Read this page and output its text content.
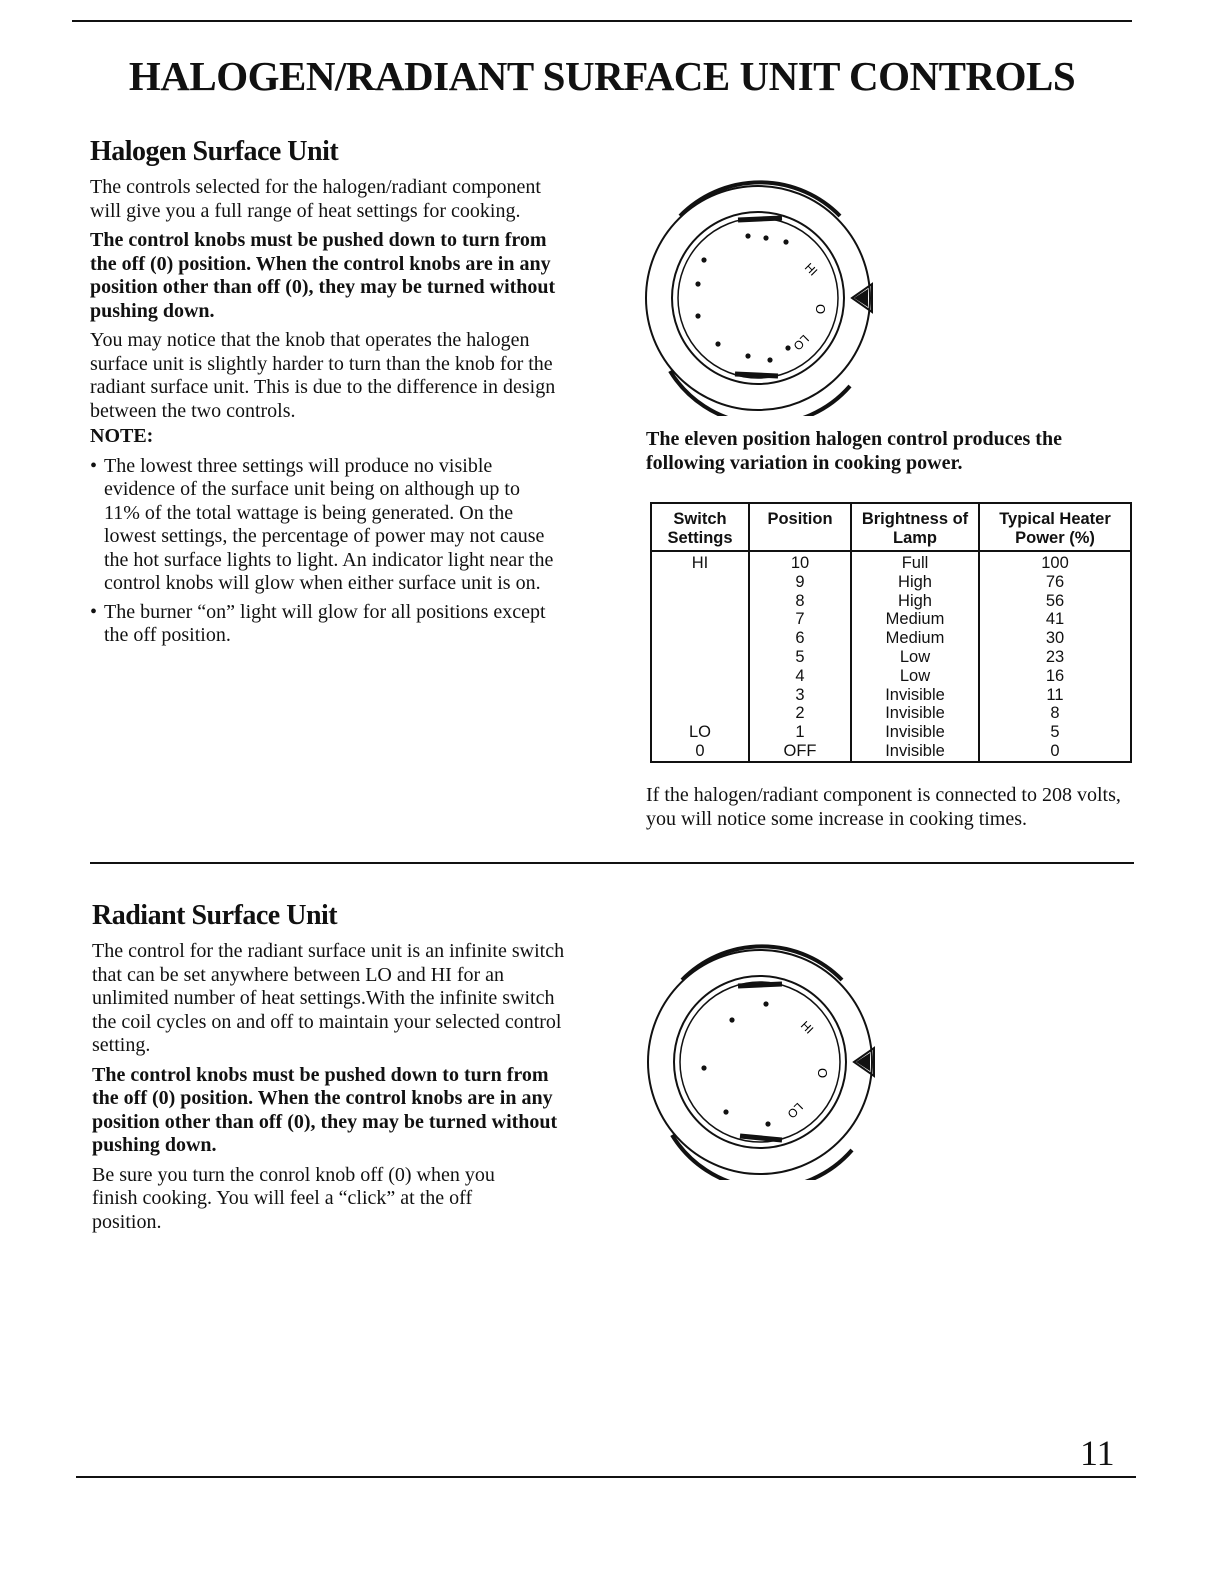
HALOGEN/RADIANT SURFACE UNIT CONTROLS
Halogen Surface Unit

The controls selected for the halogen/radiant component will give you a full range of heat settings for cooking.

The control knobs must be pushed down to turn from the off (0) position. When the control knobs are in any position other than off (0), they may be turned without pushing down.

You may notice that the knob that operates the halogen surface unit is slightly harder to turn than the knob for the radiant surface unit. This is due to the difference in design between the two controls.

NOTE:

• The lowest three settings will produce no visible evidence of the surface unit being on although up to 11% of the total wattage is being generated. On the lowest settings, the percentage of power may not cause the hot surface lights to light. An indicator light near the control knobs will glow when either surface unit is on.
• The burner “on” light will glow for all positions except the off position.
HI
O
LO

The eleven position halogen control produces the following variation in cooking power.

Switch Settings	Position	Brightness of Lamp	Typical Heater Power (%)
HI	10	Full	100
	9	High	76
	8	High	56
	7	Medium	41
	6	Medium	30
	5	Low	23
	4	Low	16
	3	Invisible	11
	2	Invisible	8
LO	1	Invisible	5
0	OFF	Invisible	0

If the halogen/radiant component is connected to 208 volts, you will notice some increase in cooking times.

Radiant Surface Unit

The control for the radiant surface unit is an infinite switch that can be set anywhere between LO and HI for an unlimited number of heat settings.With the infinite switch the coil cycles on and off to maintain your selected control setting.

The control knobs must be pushed down to turn from the off (0) position. When the control knobs are in any position other than off (0), they may be turned without pushing down.

Be sure you turn the conrol knob off (0) when you finish cooking. You will feel a “click” at the off position.

HI
O
LO
11
